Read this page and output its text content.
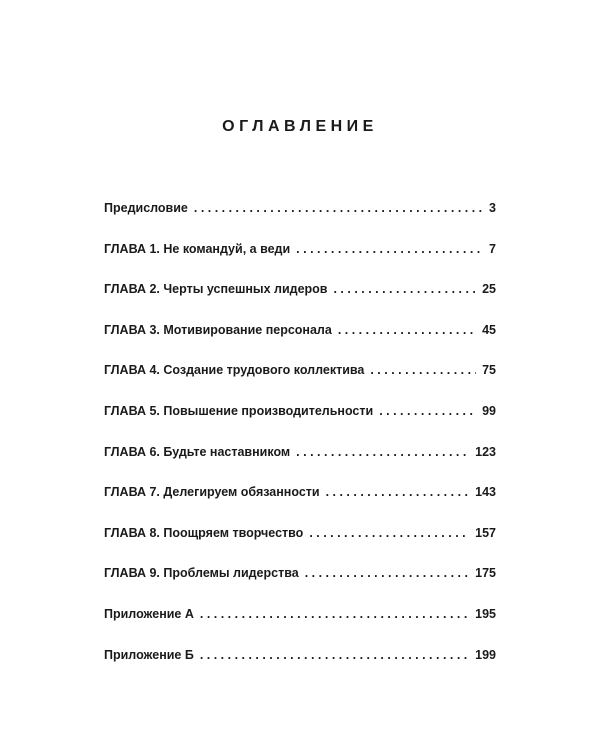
ОГЛАВЛЕНИЕ
Предисловие . . .	3
ГЛАВА 1. Не командуй, а веди . . .	7
ГЛАВА 2. Черты успешных лидеров . . .	25
ГЛАВА 3. Мотивирование персонала . . .	45
ГЛАВА 4. Создание трудового коллектива . . .	75
ГЛАВА 5. Повышение производительности . . .	99
ГЛАВА 6. Будьте наставником . . .	123
ГЛАВА 7. Делегируем обязанности . . .	143
ГЛАВА 8. Поощряем творчество . . .	157
ГЛАВА 9. Проблемы лидерства . . .	175
Приложение А . . .	195
Приложение Б . . .	199
